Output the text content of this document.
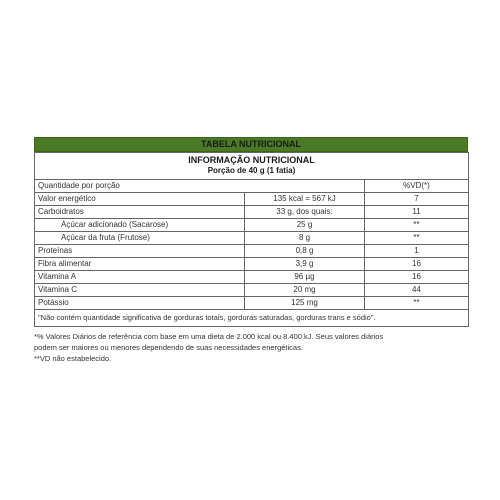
TABELA NUTRICIONAL
INFORMAÇÃO NUTRICIONAL
Porção de 40 g (1 fatia)		

Quantidade por porção		%VD(*)
Valor energético	135 kcal = 567 kJ	7
Carboidratos	33 g, dos quais:	11
Açúcar adicionado (Sacarose)	25 g	**
Açúcar da fruta (Frutose)	8 g	**
Proteínas	0,8 g	1
Fibra alimentar	3,9 g	16
Vitamina A	96 µg	16
Vitamina C	20 mg	44
Potássio	125 mg	**
"Não contém quantidade significativa de gorduras totais, gorduras saturadas, gorduras trans e sódio".		
*% Valores Diários de referência com base em uma dieta de 2.000 kcal ou 8.400 kJ. Seus valores diários
podem ser maiores ou menores dependendo de suas necessidades energéticas.
**VD não estabelecido.
